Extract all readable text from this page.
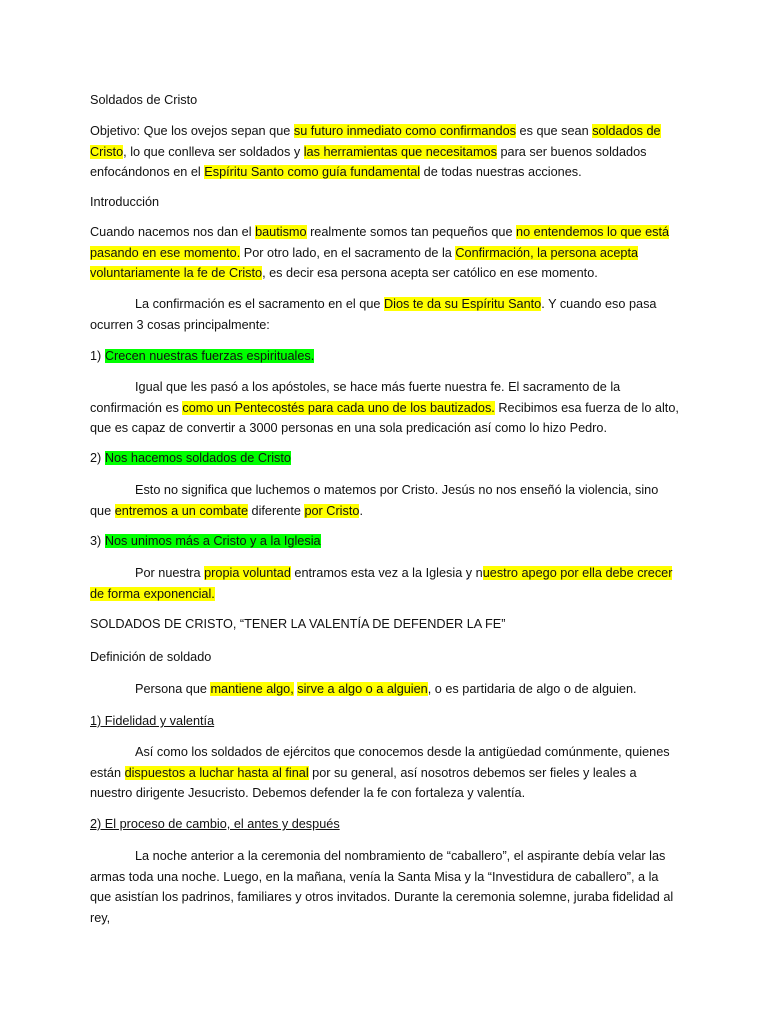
Soldados de Cristo

Objetivo: Que los ovejos sepan que su futuro inmediato como confirmandos es que sean soldados de Cristo, lo que conlleva ser soldados y las herramientas que necesitamos para ser buenos soldados enfocándonos en el Espíritu Santo como guía fundamental de todas nuestras acciones.

Introducción

Cuando nacemos nos dan el bautismo realmente somos tan pequeños que no entendemos lo que está pasando en ese momento. Por otro lado, en el sacramento de la Confirmación, la persona acepta voluntariamente la fe de Cristo, es decir esa persona acepta ser católico en ese momento.

La confirmación es el sacramento en el que Dios te da su Espíritu Santo. Y cuando eso pasa ocurren 3 cosas principalmente:

1) Crecen nuestras fuerzas espirituales.

Igual que les pasó a los apóstoles, se hace más fuerte nuestra fe. El sacramento de la confirmación es como un Pentecostés para cada uno de los bautizados. Recibimos esa fuerza de lo alto, que es capaz de convertir a 3000 personas en una sola predicación así como lo hizo Pedro.

2) Nos hacemos soldados de Cristo

Esto no significa que luchemos o matemos por Cristo. Jesús no nos enseñó la violencia, sino que entremos a un combate diferente por Cristo.

3) Nos unimos más a Cristo y a la Iglesia

Por nuestra propia voluntad entramos esta vez a la Iglesia y nuestro apego por ella debe crecer de forma exponencial.

SOLDADOS DE CRISTO, “TENER LA VALENTÍA DE DEFENDER LA FE”

Definición de soldado

Persona que mantiene algo, sirve a algo o a alguien, o es partidaria de algo o de alguien.

1) Fidelidad y valentía

Así como los soldados de ejércitos que conocemos desde la antigüedad comúnmente, quienes están dispuestos a luchar hasta al final por su general, así nosotros debemos ser fieles y leales a nuestro dirigente Jesucristo. Debemos defender la fe con fortaleza y valentía.

2) El proceso de cambio, el antes y después

La noche anterior a la ceremonia del nombramiento de “caballero”, el aspirante debía velar las armas toda una noche. Luego, en la mañana, venía la Santa Misa y la “Investidura de caballero”, a la que asistían los padrinos, familiares y otros invitados. Durante la ceremonia solemne, juraba fidelidad al rey,
